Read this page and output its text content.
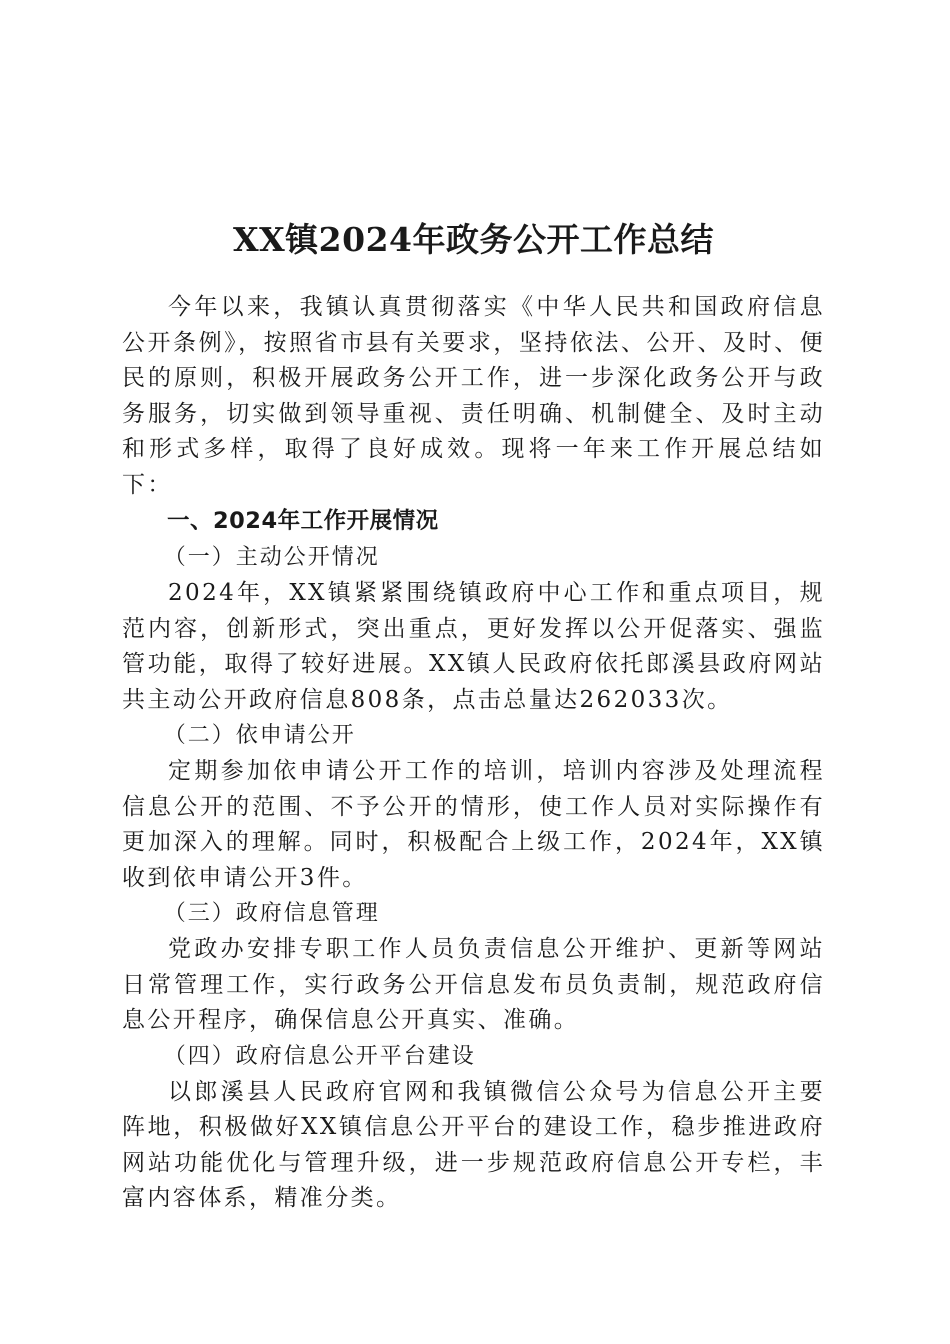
XX镇2024年政务公开工作总结

今年以来，我镇认真贯彻落实《中华人民共和国政府信息公开条例》，按照省市县有关要求，坚持依法、公开、及时、便民的原则，积极开展政务公开工作，进一步深化政务公开与政务服务，切实做到领导重视、责任明确、机制健全、及时主动和形式多样，取得了良好成效。现将一年来工作开展总结如下：

一、2024年工作开展情况

（一）主动公开情况

2024年，XX镇紧紧围绕镇政府中心工作和重点项目，规范内容，创新形式，突出重点，更好发挥以公开促落实、强监管功能，取得了较好进展。XX镇人民政府依托郎溪县政府网站共主动公开政府信息808条，点击总量达262033次。

（二）依申请公开

定期参加依申请公开工作的培训，培训内容涉及处理流程信息公开的范围、不予公开的情形，使工作人员对实际操作有更加深入的理解。同时，积极配合上级工作，2024年，XX镇收到依申请公开3件。

（三）政府信息管理

党政办安排专职工作人员负责信息公开维护、更新等网站日常管理工作，实行政务公开信息发布员负责制，规范政府信息公开程序，确保信息公开真实、准确。

（四）政府信息公开平台建设

以郎溪县人民政府官网和我镇微信公众号为信息公开主要阵地，积极做好XX镇信息公开平台的建设工作，稳步推进政府网站功能优化与管理升级，进一步规范政府信息公开专栏，丰富内容体系，精准分类。
